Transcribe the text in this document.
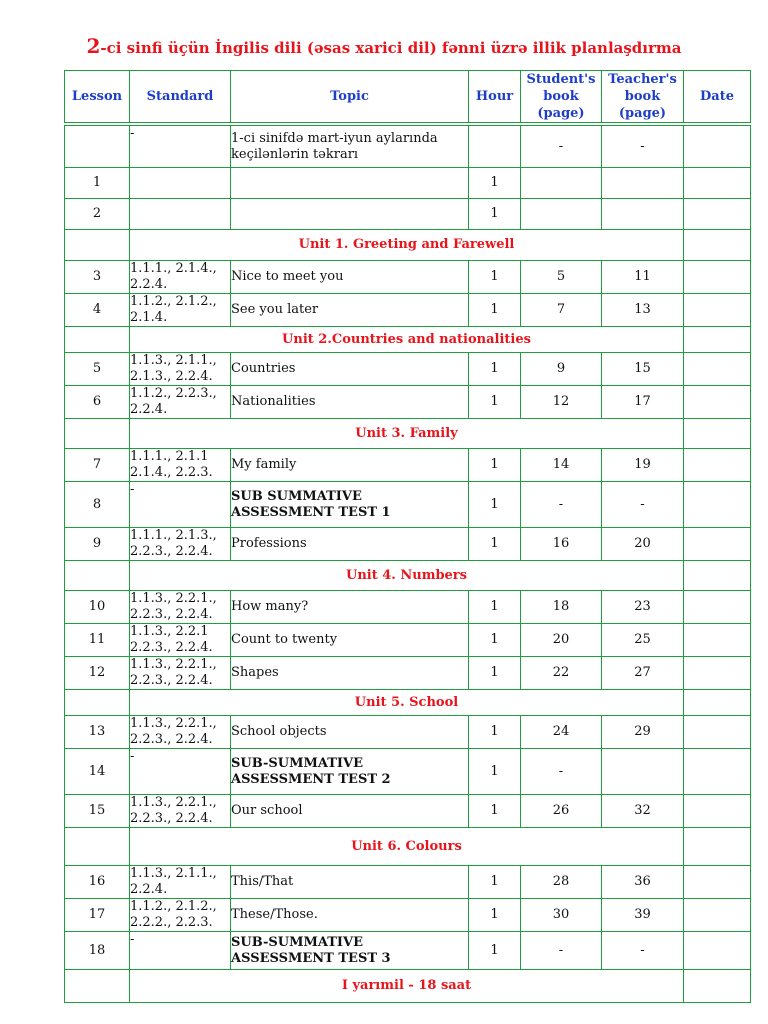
2-ci sinfi üçün İngilis dili (əsas xarici dil) fənni üzrə illik planlaşdırma
Lesson	Standard	Topic	Hour	Student's book (page)	Teacher's book (page)	Date

	-	1-ci sinifdə mart-iyun aylarında keçilənlərin təkrarı		-	-	
1			1			
2			1			
	Unit 1. Greeting and Farewell					
3	1.1.1., 2.1.4., 2.2.4.	Nice to meet you	1	5	11	
4	1.1.2., 2.1.2., 2.1.4.	See you later	1	7	13	
	Unit 2.Countries and nationalities					
5	1.1.3., 2.1.1., 2.1.3., 2.2.4.	Countries	1	9	15	
6	1.1.2., 2.2.3., 2.2.4.	Nationalities	1	12	17	
	Unit 3. Family					
7	1.1.1., 2.1.1 2.1.4., 2.2.3.	My family	1	14	19	
8	-	SUB SUMMATIVE ASSESSMENT TEST 1	1	-	-	
9	1.1.1., 2.1.3., 2.2.3., 2.2.4.	Professions	1	16	20	
	Unit 4. Numbers					
10	1.1.3., 2.2.1., 2.2.3., 2.2.4.	How many?	1	18	23	
11	1.1.3., 2.2.1 2.2.3., 2.2.4.	Count to twenty	1	20	25	
12	1.1.3., 2.2.1., 2.2.3., 2.2.4.	Shapes	1	22	27	
	Unit 5. School					
13	1.1.3., 2.2.1., 2.2.3., 2.2.4.	School objects	1	24	29	
14	-	SUB-SUMMATIVE ASSESSMENT TEST 2	1	-		
15	1.1.3., 2.2.1., 2.2.3., 2.2.4.	Our school	1	26	32	
	Unit 6. Colours					
16	1.1.3., 2.1.1., 2.2.4.	This/That	1	28	36	
17	1.1.2., 2.1.2., 2.2.2., 2.2.3.	These/Those.	1	30	39	
18	-	SUB-SUMMATIVE ASSESSMENT TEST 3	1	-	-	
	I yarımil - 18 saat					
